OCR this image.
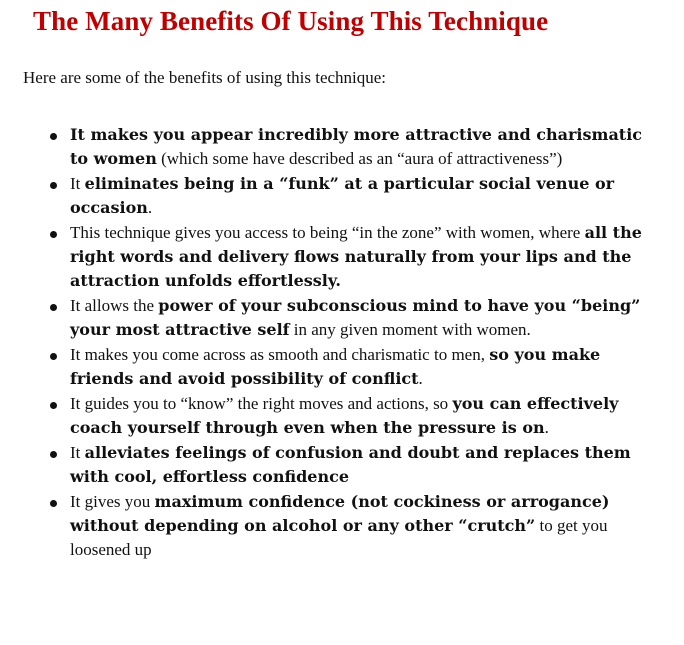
The Many Benefits Of Using This Technique

Here are some of the benefits of using this technique:

It makes you appear incredibly more attractive and charismatic to women (which some have described as an “aura of attractiveness”)
It eliminates being in a “funk” at a particular social venue or occasion.
This technique gives you access to being “in the zone” with women, where all the right words and delivery flows naturally from your lips and the attraction unfolds effortlessly.
It allows the power of your subconscious mind to have you “being” your most attractive self in any given moment with women.
It makes you come across as smooth and charismatic to men, so you make friends and avoid possibility of conflict.
It guides you to “know” the right moves and actions, so you can effectively coach yourself through even when the pressure is on.
It alleviates feelings of confusion and doubt and replaces them with cool, effortless confidence
It gives you maximum confidence (not cockiness or arrogance) without depending on alcohol or any other “crutch” to get you loosened up
